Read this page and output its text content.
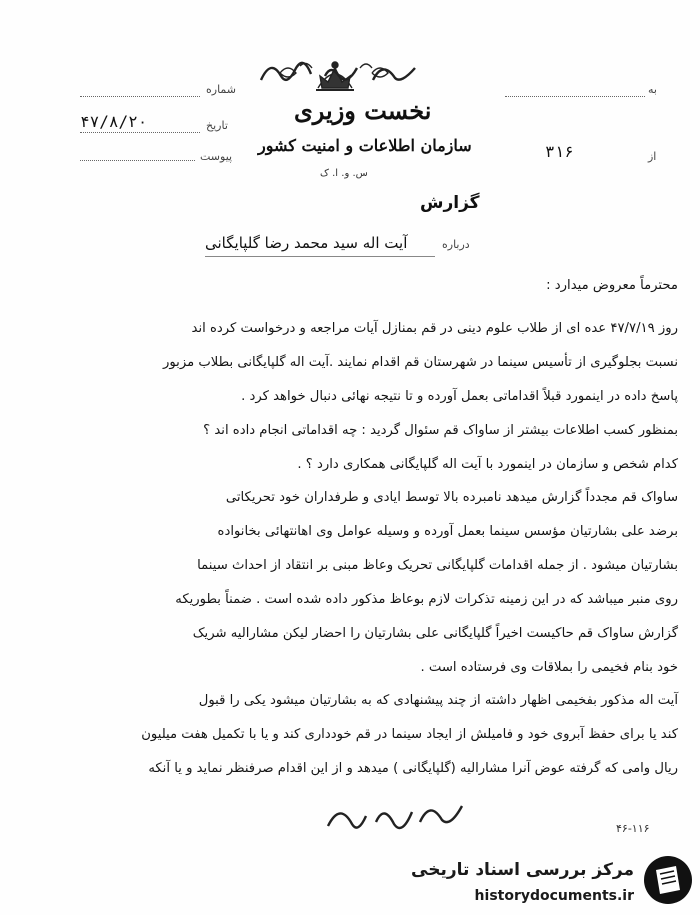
شماره
تاریخ
۴۷/۸/۲۰
پیوست
به
از
۳۱۶
نخست وزیری
سازمان اطلاعات و امنیت کشور
س. و. ا. ک
گزارش
درباره
آیت اله سید محمد رضا گلپایگانی
محترماً معروض میدارد :
روز ۴۷/۷/۱۹ عده ای از طلاب علوم دینی در قم بمنازل آیات مراجعه و درخواست کرده اند
نسبت بجلوگیری از تأسیس سینما در شهرستان قم اقدام نمایند .آیت اله گلپایگانی بطلاب مزبور
پاسخ داده در اینمورد قبلاً اقداماتی بعمل آورده و تا نتیجه نهائی دنبال خواهد کرد .
بمنظور کسب اطلاعات بیشتر از ساواک قم سئوال گردید : چه اقداماتی انجام داده اند ؟
کدام شخص و سازمان در اینمورد با آیت اله گلپایگانی همکاری دارد ؟ .
ساواک قم مجدداً گزارش میدهد نامبرده بالا توسط ایادی و طرفداران خود تحریکاتی
برضد علی بشارتیان مؤسس سینما بعمل آورده و وسیله عوامل وی اهانتهائی بخانواده
بشارتیان میشود . از جمله اقدامات گلپایگانی تحریک وعاظ مبنی بر انتقاد از احداث سینما
روی منبر میباشد که در این زمینه تذکرات لازم بوعاظ مذکور داده شده است . ضمناً بطوریکه
گزارش ساواک قم حاکیست اخیراً گلپایگانی علی بشارتیان را احضار لیکن مشارالیه شریک
خود بنام فخیمی را بملاقات وی فرستاده است .
آیت اله مذکور بفخیمی اظهار داشته از چند پیشنهادی که به بشارتیان میشود یکی را قبول
کند یا برای حفظ آبروی خود و فامیلش از ایجاد سینما در قم خودداری کند و یا با تکمیل هفت میلیون
ریال وامی که گرفته عوض آنرا مشارالیه (گلپایگانی ) میدهد و از این اقدام صرفنظر نماید و یا آنکه
۴۶-۱۱۶
مرکز بررسی اسناد تاریخی
historydocuments.ir
